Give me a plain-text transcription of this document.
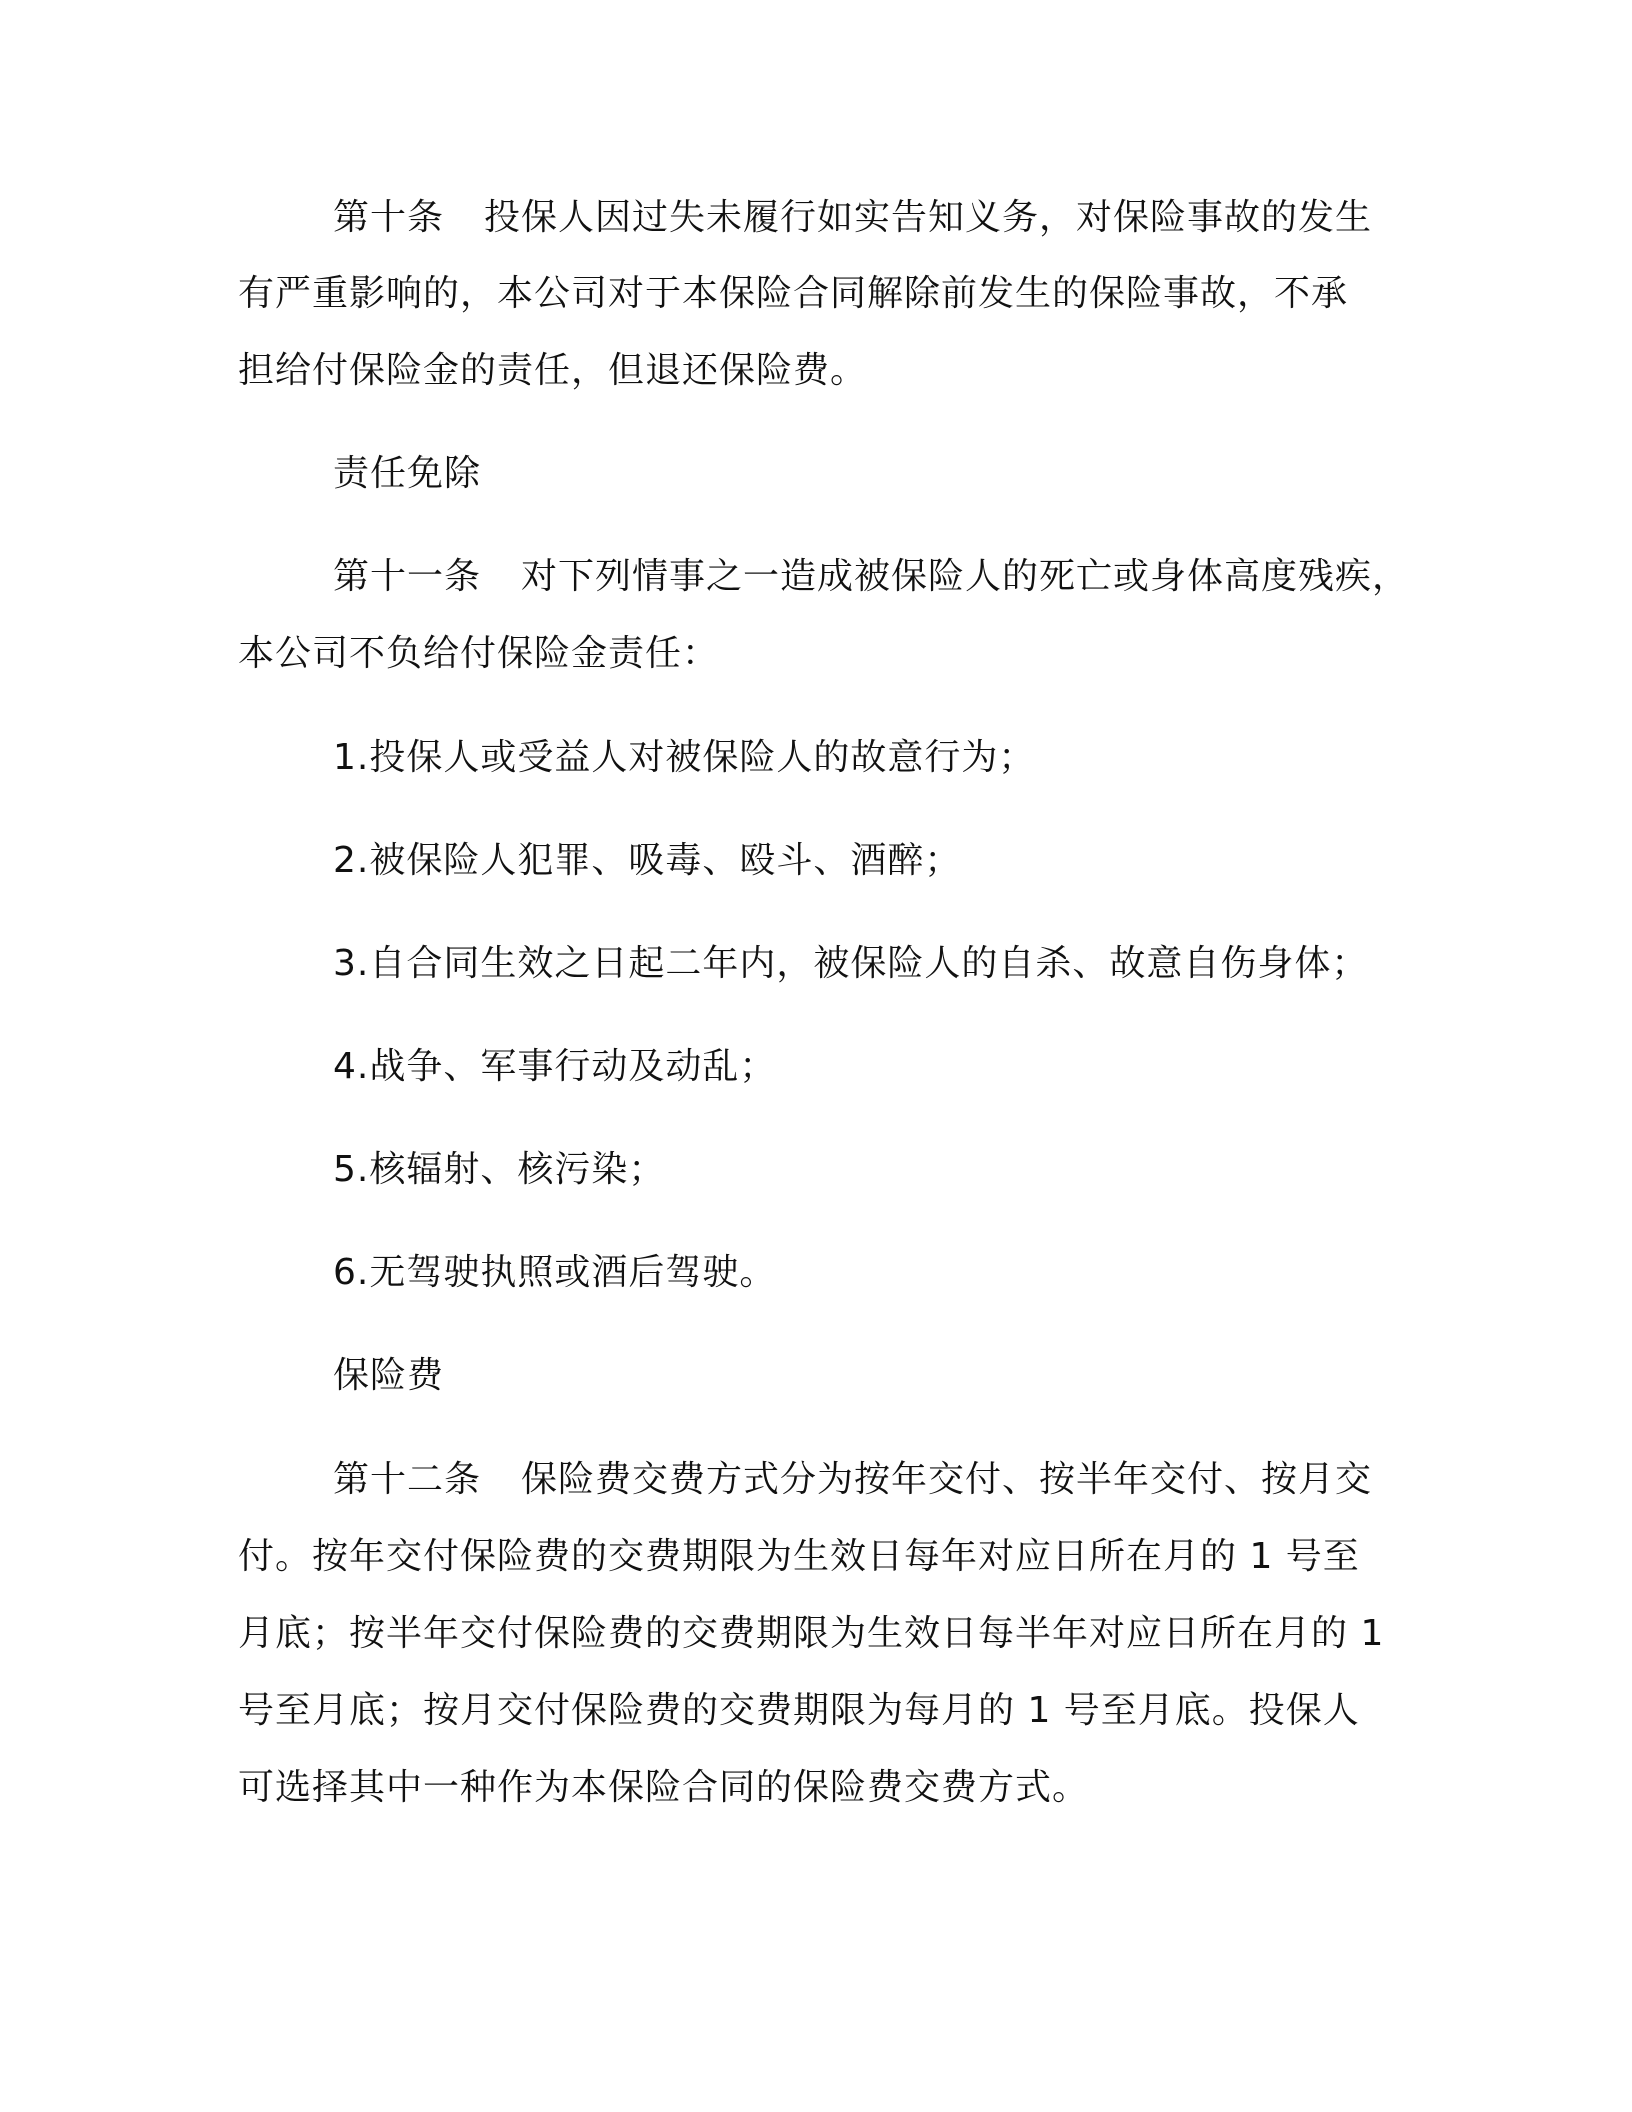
第十条 投保人因过失未履行如实告知义务，对保险事故的发生
有严重影响的，本公司对于本保险合同解除前发生的保险事故，不承
担给付保险金的责任，但退还保险费。
责任免除
第十一条 对下列情事之一造成被保险人的死亡或身体高度残疾，
本公司不负给付保险金责任：
1.投保人或受益人对被保险人的故意行为；
2.被保险人犯罪、吸毒、殴斗、酒醉；
3.自合同生效之日起二年内，被保险人的自杀、故意自伤身体；
4.战争、军事行动及动乱；
5.核辐射、核污染；
6.无驾驶执照或酒后驾驶。
保险费
第十二条 保险费交费方式分为按年交付、按半年交付、按月交
付。按年交付保险费的交费期限为生效日每年对应日所在月的 1 号至
月底；按半年交付保险费的交费期限为生效日每半年对应日所在月的 1
号至月底；按月交付保险费的交费期限为每月的 1 号至月底。投保人
可选择其中一种作为本保险合同的保险费交费方式。
